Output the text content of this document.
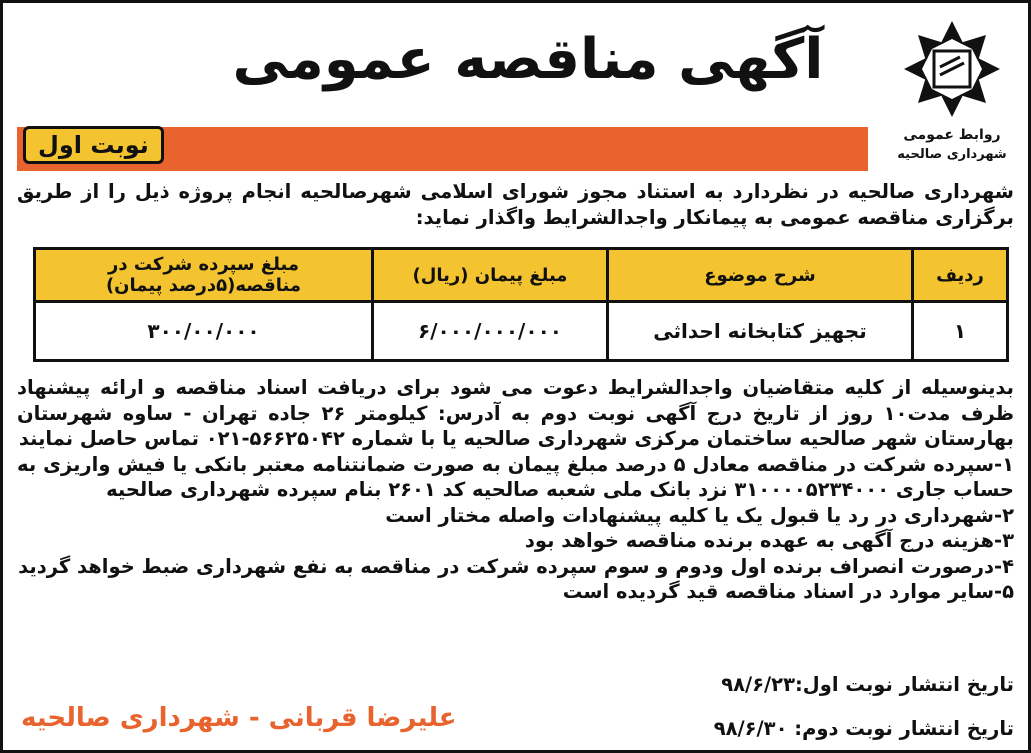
آگهی مناقصه عمومی
نوبت اول	روابط عمومی
شهرداری صالحیه
شهرداری صالحیه در نظردارد به استناد مجوز شورای اسلامی شهرصالحیه انجام پروژه ذیل را از طریق برگزاری مناقصه عمومی به پیمانکار واجدالشرایط واگذار نماید:
ردیف	شرح موضوع	مبلغ پیمان (ریال)	مبلغ سپرده شرکت در مناقصه(۵درصد پیمان)
۱	تجهیز کتابخانه احداثی	۶/۰۰۰/۰۰۰/۰۰۰	۳۰۰/۰۰/۰۰۰

بدینوسیله از کلیه متقاضیان واجدالشرایط دعوت می شود برای دریافت اسناد مناقصه و ارائه پیشنهاد ظرف مدت۱۰ روز از تاریخ درج آگهی نوبت دوم به آدرس: کیلومتر ۲۶ جاده تهران - ساوه شهرستان بهارستان شهر صالحیه ساختمان مرکزی شهرداری صالحیه یا با شماره ۵۶۶۲۵۰۴۲-۰۲۱ تماس حاصل نمایند

۱-سپرده شرکت در مناقصه معادل ۵ درصد مبلغ پیمان به صورت ضمانتنامه معتبر بانکی یا فیش واریزی به حساب جاری ۳۱۰۰۰۰۵۲۳۴۰۰۰ نزد بانک ملی شعبه صالحیه کد ۲۶۰۱ بنام سپرده شهرداری صالحیه

۲-شهرداری در رد یا قبول یک یا کلیه پیشنهادات واصله مختار است

۳-هزینه درج آگهی به عهده برنده مناقصه خواهد بود

۴-درصورت انصراف برنده اول ودوم و سوم سپرده شرکت در مناقصه به نفع شهرداری ضبط خواهد گردید

۵-سایر موارد در اسناد مناقصه قید گردیده است

تاریخ انتشار نوبت اول:۹۸/۶/۲۳
تاریخ انتشار نوبت دوم: ۹۸/۶/۳۰
علیرضا قربانی - شهرداری صالحیه
